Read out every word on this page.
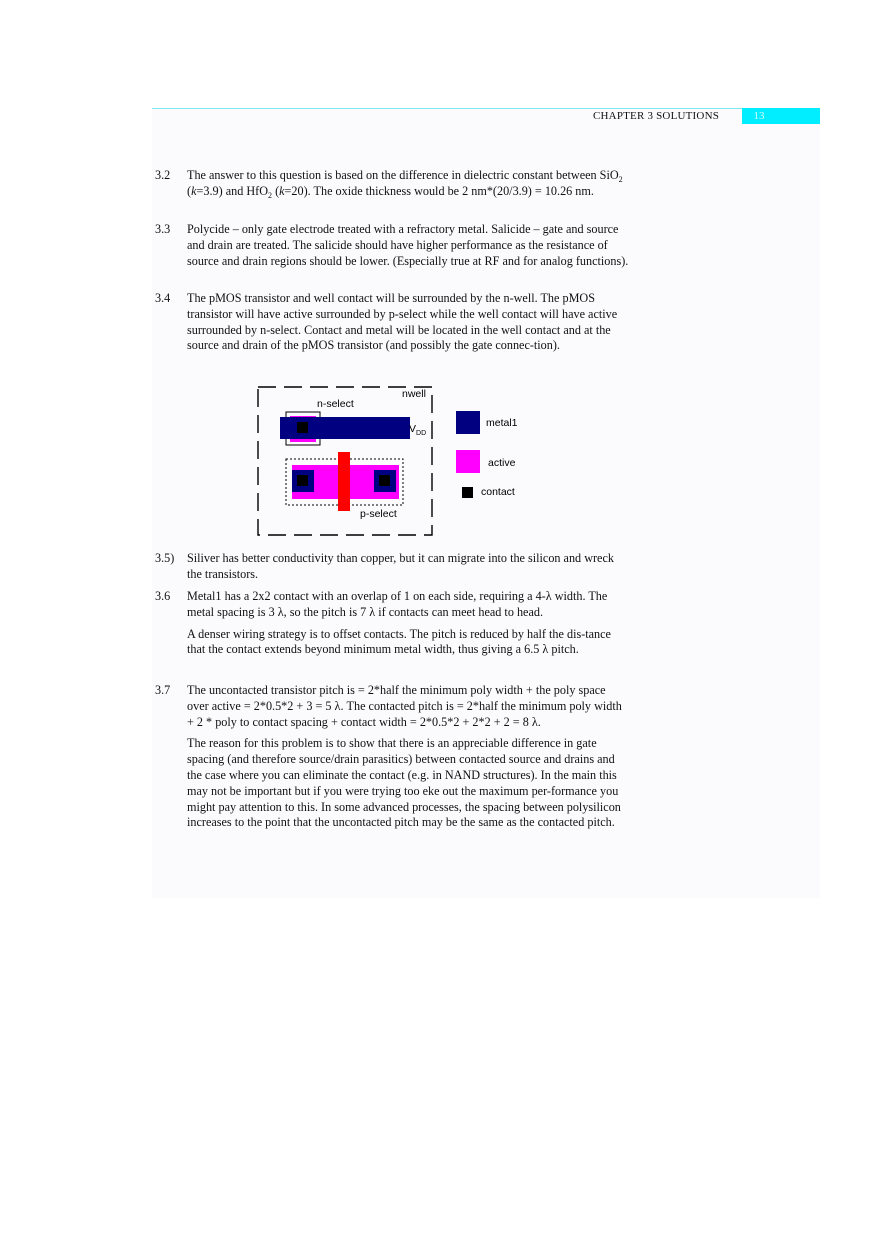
CHAPTER 3 SOLUTIONS	13
3.2 The answer to this question is based on the difference in dielectric constant between SiO$_2$ (k=3.9) and HfO$_2$ (k=20). The oxide thickness would be 2 nm*(20/3.9) = 10.26 nm.
3.3 Polycide – only gate electrode treated with a refractory metal. Salicide – gate and source and drain are treated. The salicide should have higher performance as the resistance of source and drain regions should be lower. (Especially true at RF and for analog functions).
3.4 The pMOS transistor and well contact will be surrounded by the n-well. The pMOS transistor will have active surrounded by p-select while the well contact will have active surrounded by n-select. Contact and metal will be located in the well contact and at the source and drain of the pMOS transistor (and possibly the gate connec-tion).
nwell
n-select
$V_{DD}$
p-select
metal1
active
contact
3.5) Siliver has better conductivity than copper, but it can migrate into the silicon and wreck the transistors.
3.6 Metal1 has a 2x2 contact with an overlap of 1 on each side, requiring a 4-λ width. The metal spacing is 3 λ, so the pitch is 7 λ if contacts can meet head to head.

A denser wiring strategy is to offset contacts. The pitch is reduced by half the dis-tance that the contact extends beyond minimum metal width, thus giving a 6.5 λ pitch.

3.7 The uncontacted transistor pitch is = 2*half the minimum poly width + the poly space over active = 2*0.5*2 + 3 = 5 λ. The contacted pitch is = 2*half the minimum poly width + 2 * poly to contact spacing + contact width = 2*0.5*2 + 2*2 + 2 = 8 λ.

The reason for this problem is to show that there is an appreciable difference in gate spacing (and therefore source/drain parasitics) between contacted source and drains and the case where you can eliminate the contact (e.g. in NAND structures). In the main this may not be important but if you were trying too eke out the maximum per-formance you might pay attention to this. In some advanced processes, the spacing between polysilicon increases to the point that the uncontacted pitch may be the same as the contacted pitch.
